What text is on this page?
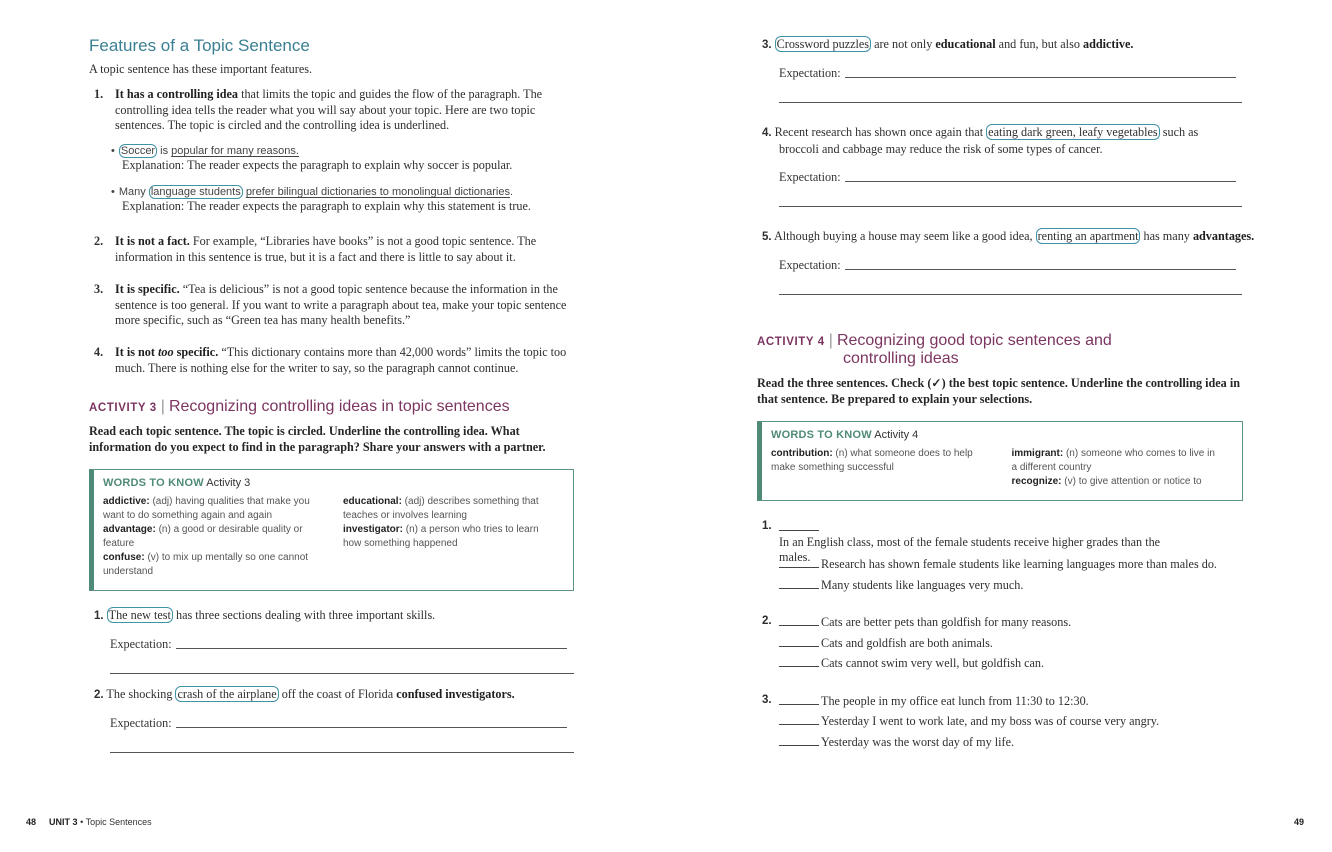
Features of a Topic Sentence
A topic sentence has these important features.
1. It has a controlling idea that limits the topic and guides the flow of the paragraph. The
controlling idea tells the reader what you will say about your topic. Here are two topic
sentences. The topic is circled and the controlling idea is underlined.
• Soccer is popular for many reasons.
Explanation: The reader expects the paragraph to explain why soccer is popular.
• Many language students prefer bilingual dictionaries to monolingual dictionaries.
Explanation: The reader expects the paragraph to explain why this statement is true.
2. It is not a fact. For example, “Libraries have books” is not a good topic sentence. The
information in this sentence is true, but it is a fact and there is little to say about it.
3. It is specific. “Tea is delicious” is not a good topic sentence because the information in the
sentence is too general. If you want to write a paragraph about tea, make your topic sentence
more specific, such as “Green tea has many health benefits.”
4. It is not too specific. “This dictionary contains more than 42,000 words” limits the topic too
much. There is nothing else for the writer to say, so the paragraph cannot continue.
ACTIVITY 3 | Recognizing controlling ideas in topic sentences
Read each topic sentence. The topic is circled. Underline the controlling idea. What
information do you expect to find in the paragraph? Share your answers with a partner.
WORDS TO KNOW Activity 3
addictive: (adj) having qualities that make you want to do something again and again
advantage: (n) a good or desirable quality or feature
confuse: (v) to mix up mentally so one cannot understand
educational: (adj) describes something that teaches or involves learning
investigator: (n) a person who tries to learn how something happened
1. The new test has three sections dealing with three important skills.
Expectation:
2. The shocking crash of the airplane off the coast of Florida confused investigators.
Expectation:
48 UNIT 3 • Topic Sentences
3. Crossword puzzles are not only educational and fun, but also addictive.
Expectation:
4. Recent research has shown once again that eating dark green, leafy vegetables such as
broccoli and cabbage may reduce the risk of some types of cancer.
Expectation:
5. Although buying a house may seem like a good idea, renting an apartment has many advantages.
Expectation:
ACTIVITY 4 | Recognizing good topic sentences and
controlling ideas
Read the three sentences. Check (✓) the best topic sentence. Underline the controlling idea in
that sentence. Be prepared to explain your selections.
WORDS TO KNOW Activity 4
contribution: (n) what someone does to help make something successful
immigrant: (n) someone who comes to live in a different country
recognize: (v) to give attention or notice to
1.
In an English class, most of the female students receive higher grades than the males. Research has shown female students like learning languages more than males do.
Many students like languages very much.
2.	Cats are better pets than goldfish for many reasons.
Cats and goldfish are both animals.
Cats cannot swim very well, but goldfish can.
3.	The people in my office eat lunch from 11:30 to 12:30.
Yesterday I went to work late, and my boss was of course very angry.
Yesterday was the worst day of my life.
49
